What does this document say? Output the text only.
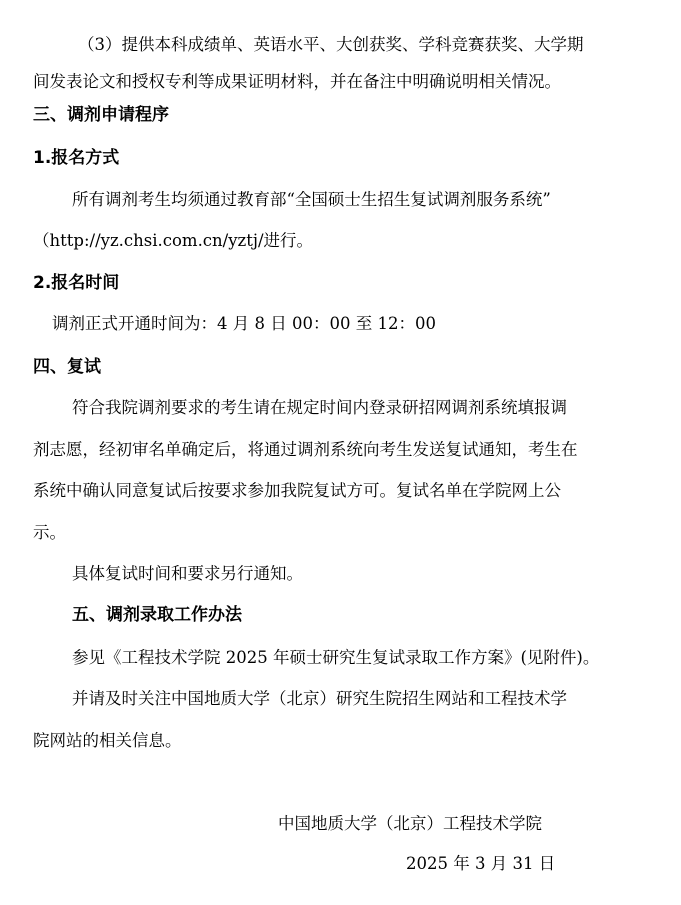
（3）提供本科成绩单、英语水平、大创获奖、学科竞赛获奖、大学期
间发表论文和授权专利等成果证明材料，并在备注中明确说明相关情况。
三、调剂申请程序
1.报名方式
所有调剂考生均须通过教育部“全国硕士生招生复试调剂服务系统”
（http://yz.chsi.com.cn/yztj/进行。
2.报名时间
调剂正式开通时间为：4 月 8 日 00：00 至 12：00
四、复试
符合我院调剂要求的考生请在规定时间内登录研招网调剂系统填报调
剂志愿，经初审名单确定后，将通过调剂系统向考生发送复试通知，考生在
系统中确认同意复试后按要求参加我院复试方可。复试名单在学院网上公
示。
具体复试时间和要求另行通知。
五、调剂录取工作办法
参见《工程技术学院 2025 年硕士研究生复试录取工作方案》(见附件)。
并请及时关注中国地质大学（北京）研究生院招生网站和工程技术学
院网站的相关信息。
中国地质大学（北京）工程技术学院
2025 年 3 月 31 日
